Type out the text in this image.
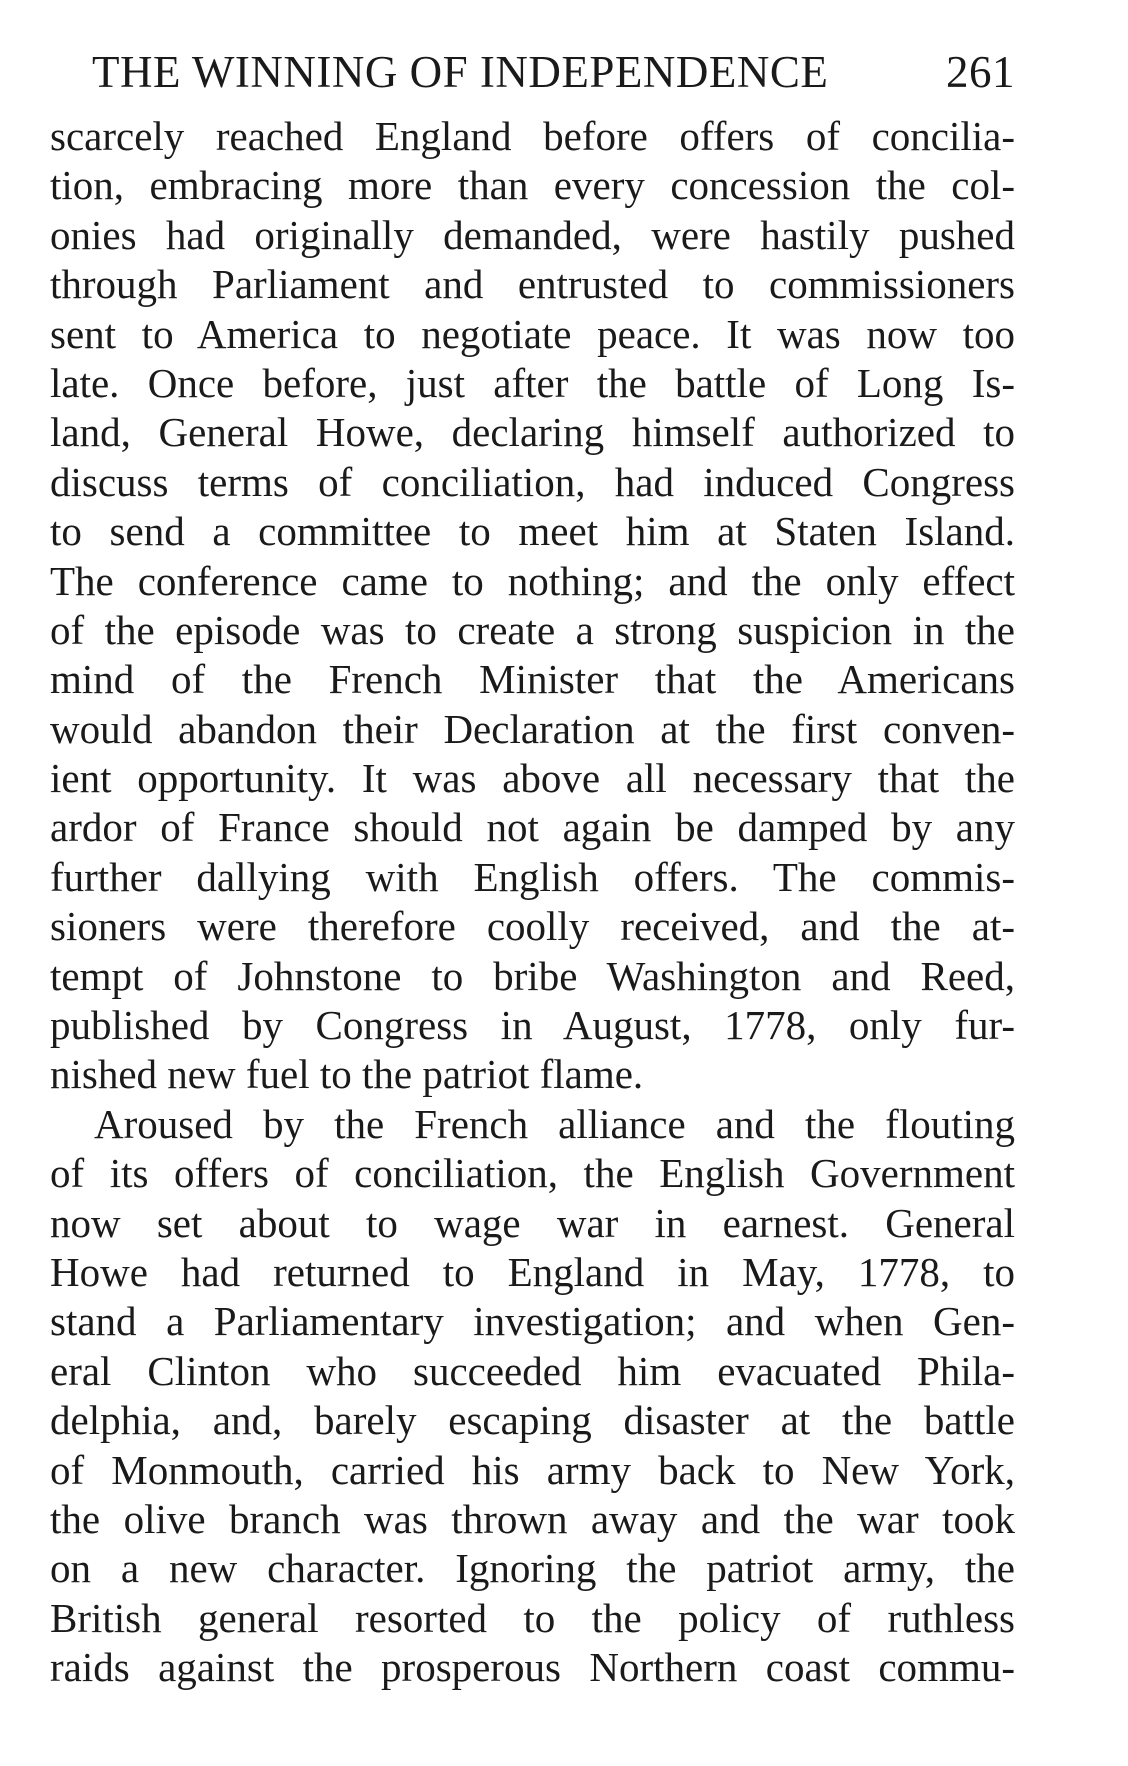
THE WINNING OF INDEPENDENCE	261
scarcely reached England before offers of concilia-
tion, embracing more than every concession the col-
onies had originally demanded, were hastily pushed
through Parliament and entrusted to commissioners
sent to America to negotiate peace. It was now too
late. Once before, just after the battle of Long Is-
land, General Howe, declaring himself authorized to
discuss terms of conciliation, had induced Congress
to send a committee to meet him at Staten Island.
The conference came to nothing; and the only effect
of the episode was to create a strong suspicion in the
mind of the French Minister that the Americans
would abandon their Declaration at the first conven-
ient opportunity. It was above all necessary that the
ardor of France should not again be damped by any
further dallying with English offers. The commis-
sioners were therefore coolly received, and the at-
tempt of Johnstone to bribe Washington and Reed,
published by Congress in August, 1778, only fur-
nished new fuel to the patriot flame.
Aroused by the French alliance and the flouting
of its offers of conciliation, the English Government
now set about to wage war in earnest. General
Howe had returned to England in May, 1778, to
stand a Parliamentary investigation; and when Gen-
eral Clinton who succeeded him evacuated Phila-
delphia, and, barely escaping disaster at the battle
of Monmouth, carried his army back to New York,
the olive branch was thrown away and the war took
on a new character. Ignoring the patriot army, the
British general resorted to the policy of ruthless
raids against the prosperous Northern coast commu-
